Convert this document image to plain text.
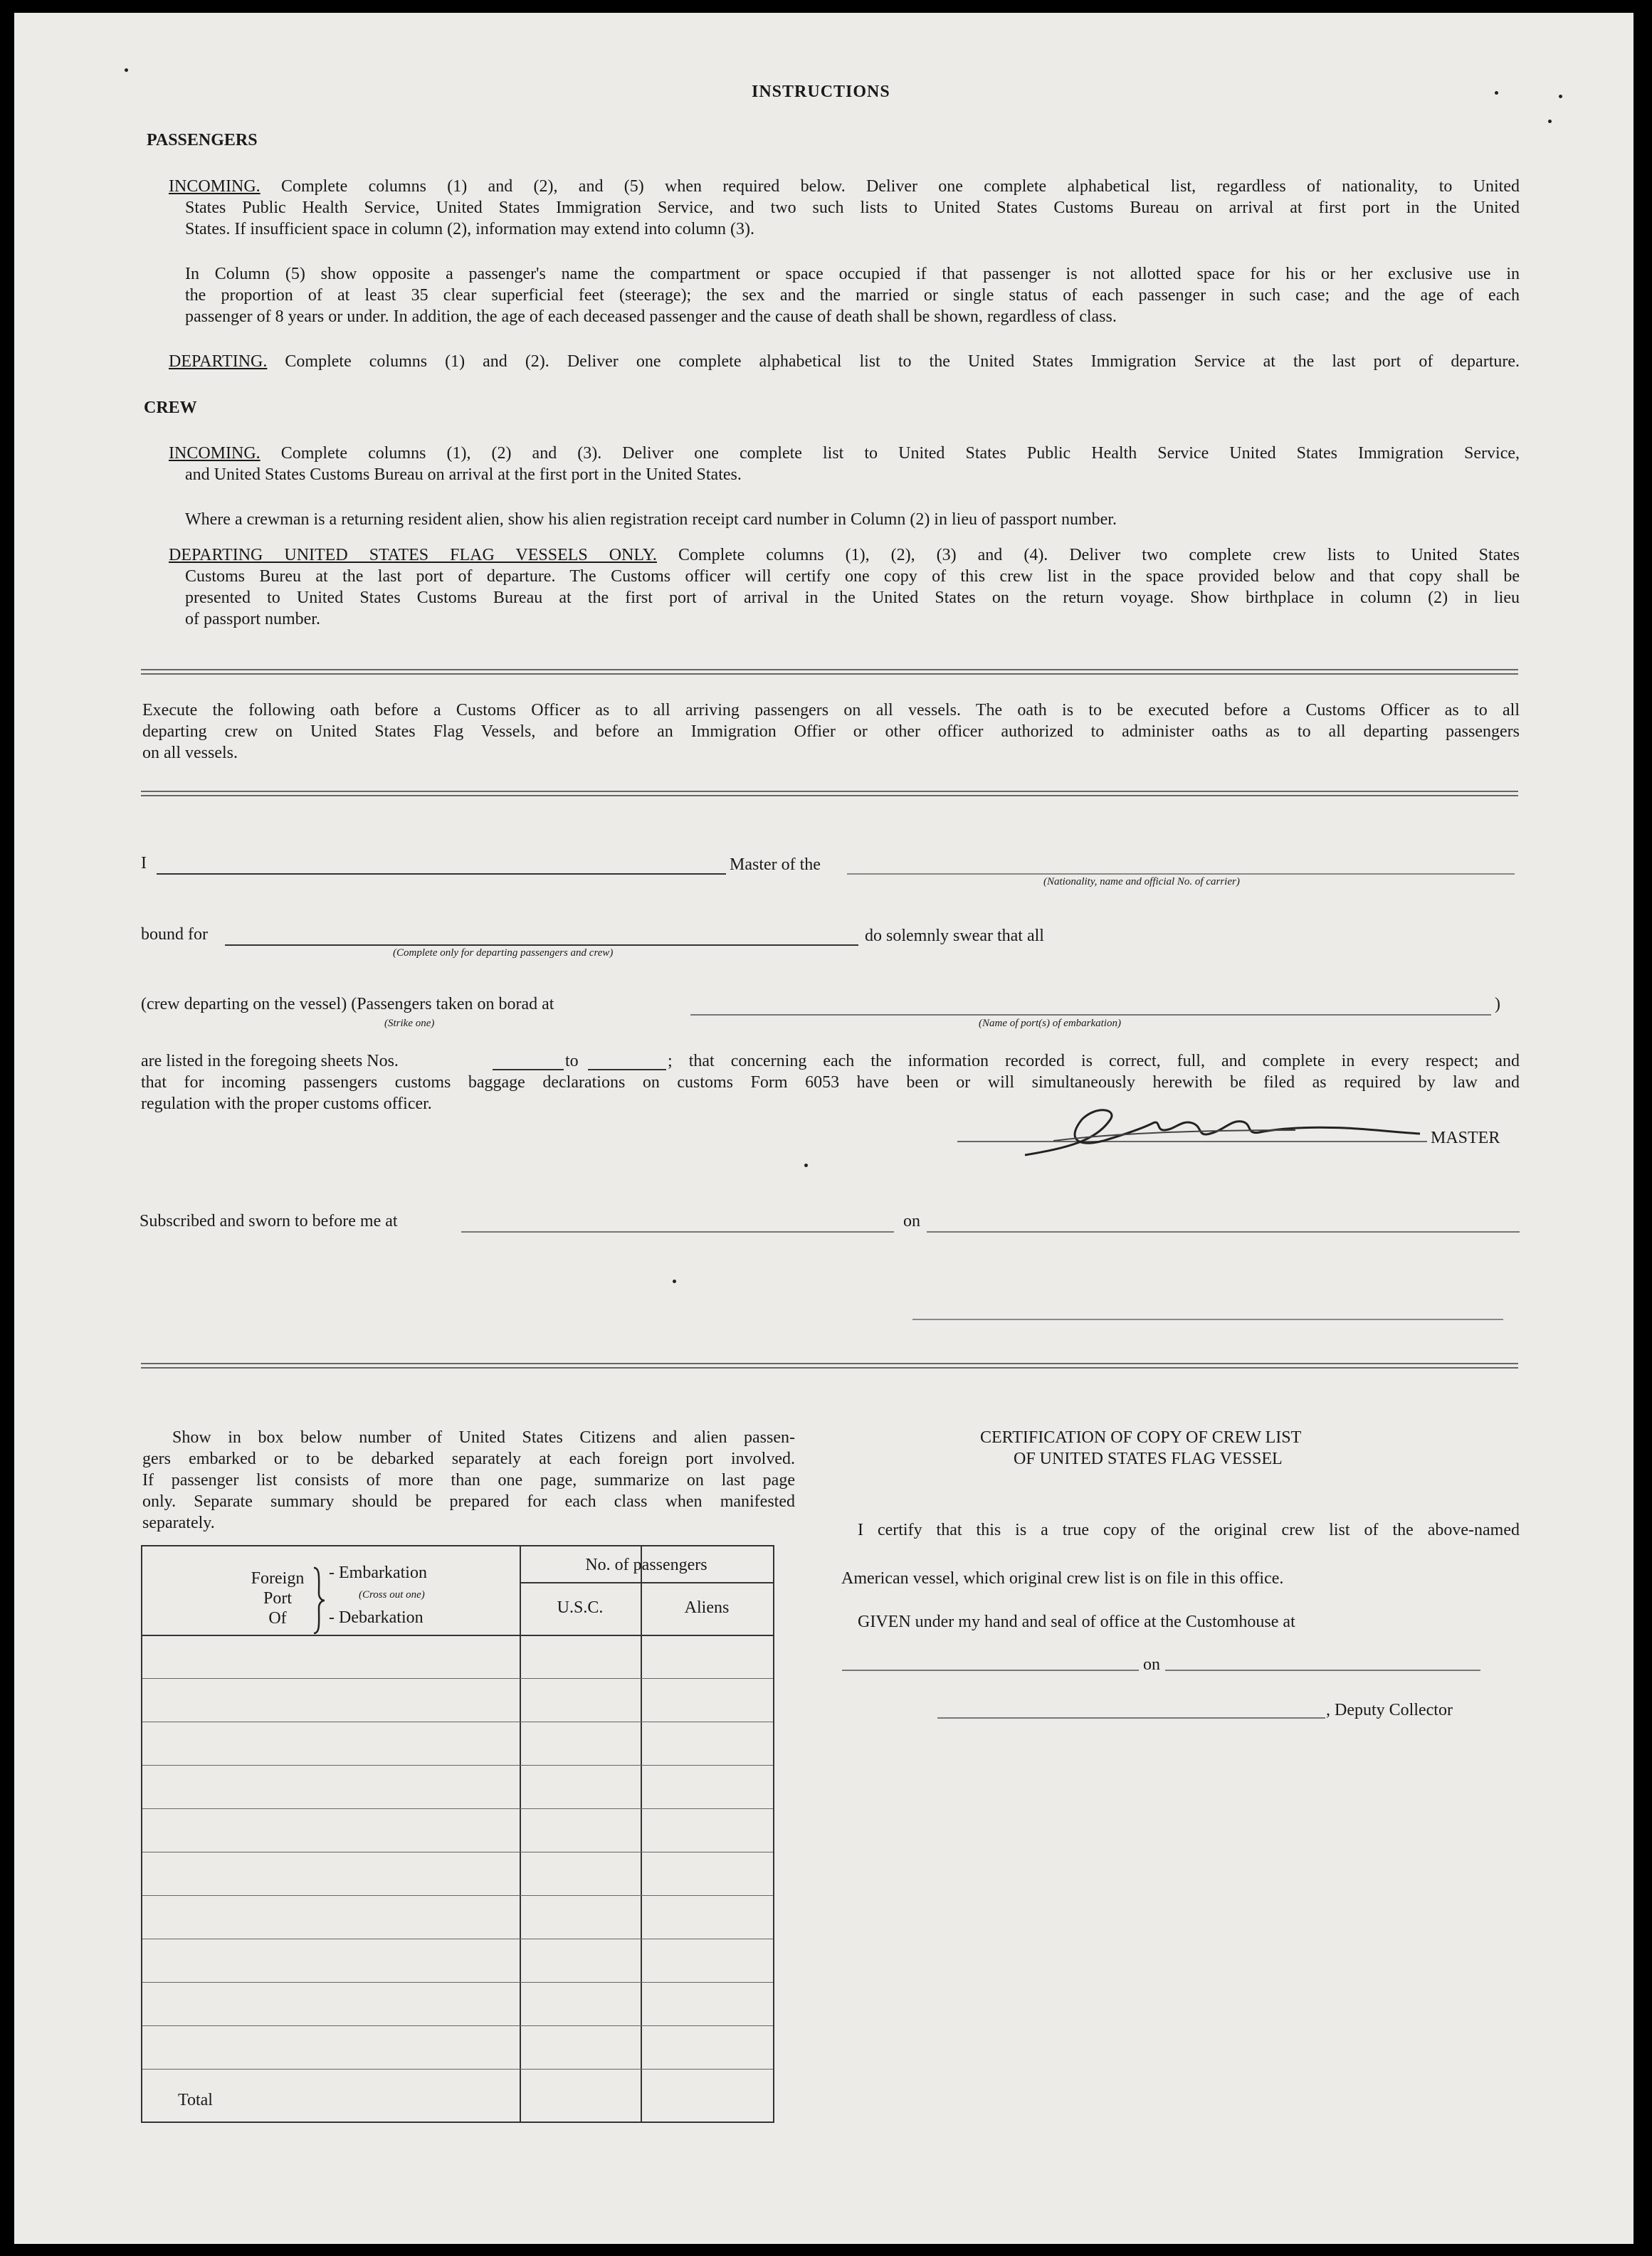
INSTRUCTIONS
PASSENGERS
INCOMING. Complete columns (1) and (2), and (5) when required below. Deliver one complete alphabetical list, regardless of nationality, to United
States Public Health Service, United States Immigration Service, and two such lists to United States Customs Bureau on arrival at first port in the United
States. If insufficient space in column (2), information may extend into column (3).
In Column (5) show opposite a passenger's name the compartment or space occupied if that passenger is not allotted space for his or her exclusive use in
the proportion of at least 35 clear superficial feet (steerage); the sex and the married or single status of each passenger in such case; and the age of each
passenger of 8 years or under. In addition, the age of each deceased passenger and the cause of death shall be shown, regardless of class.
DEPARTING. Complete columns (1) and (2). Deliver one complete alphabetical list to the United States Immigration Service at the last port of departure.
CREW
INCOMING. Complete columns (1), (2) and (3). Deliver one complete list to United States Public Health Service United States Immigration Service,
and United States Customs Bureau on arrival at the first port in the United States.
Where a crewman is a returning resident alien, show his alien registration receipt card number in Column (2) in lieu of passport number.
DEPARTING UNITED STATES FLAG VESSELS ONLY. Complete columns (1), (2), (3) and (4). Deliver two complete crew lists to United States
Customs Bureu at the last port of departure. The Customs officer will certify one copy of this crew list in the space provided below and that copy shall be
presented to United States Customs Bureau at the first port of arrival in the United States on the return voyage. Show birthplace in column (2) in lieu
of passport number.
Execute the following oath before a Customs Officer as to all arriving passengers on all vessels. The oath is to be executed before a Customs Officer as to all
departing crew on United States Flag Vessels, and before an Immigration Offier or other officer authorized to administer oaths as to all departing passengers
on all vessels.
I	Master of the
(Nationality, name and official No. of carrier)
bound for	do solemnly swear that all
(Complete only for departing passengers and crew)
(crew departing on the vessel) (Passengers taken on borad at	)
(Strike one)	(Name of port(s) of embarkation)
are listed in the foregoing sheets Nos.	to	; that concerning each the information recorded is correct, full, and complete in every respect; and
that for incoming passengers customs baggage declarations on customs Form 6053 have been or will simultaneously herewith be filed as required by law and
regulation with the proper customs officer.
MASTER
Subscribed and sworn to before me at	on
Show in box below number of United States Citizens and alien passen-
gers embarked or to be debarked separately at each foreign port involved.
If passenger list consists of more than one page, summarize on last page
only. Separate summary should be prepared for each class when manifested
separately.
Foreign
Port
Of
- Embarkation
(Cross out one)
- Debarkation
No. of passengers
U.S.C.	Aliens
Total
CERTIFICATION OF COPY OF CREW LIST
OF UNITED STATES FLAG VESSEL
I certify that this is a true copy of the original crew list of the above-named
American vessel, which original crew list is on file in this office.
GIVEN under my hand and seal of office at the Customhouse at
on
, Deputy Collector
